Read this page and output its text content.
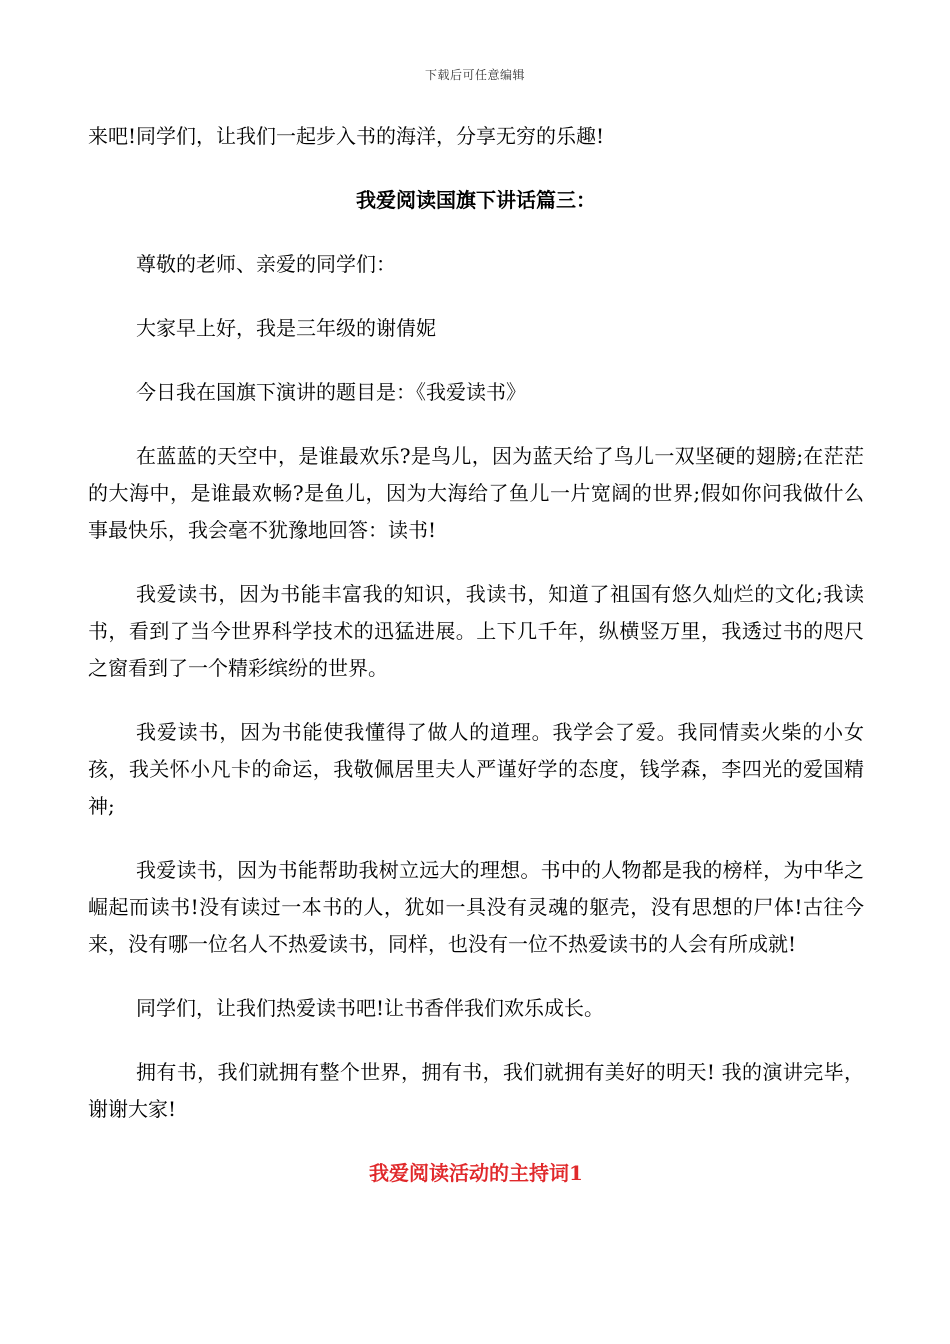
下载后可任意编辑

来吧!同学们，让我们一起步入书的海洋，分享无穷的乐趣!

我爱阅读国旗下讲话篇三：

尊敬的老师、亲爱的同学们：

大家早上好，我是三年级的谢倩妮

今日我在国旗下演讲的题目是：《我爱读书》

在蓝蓝的天空中，是谁最欢乐?是鸟儿，因为蓝天给了鸟儿一双坚硬的翅膀;在茫茫的大海中，是谁最欢畅?是鱼儿，因为大海给了鱼儿一片宽阔的世界;假如你问我做什么事最快乐，我会毫不犹豫地回答：读书!

我爱读书，因为书能丰富我的知识，我读书，知道了祖国有悠久灿烂的文化;我读书，看到了当今世界科学技术的迅猛进展。上下几千年，纵横竖万里，我透过书的咫尺之窗看到了一个精彩缤纷的世界。

我爱读书，因为书能使我懂得了做人的道理。我学会了爱。我同情卖火柴的小女孩，我关怀小凡卡的命运，我敬佩居里夫人严谨好学的态度，钱学森，李四光的爱国精神;

我爱读书，因为书能帮助我树立远大的理想。书中的人物都是我的榜样，为中华之崛起而读书!没有读过一本书的人，犹如一具没有灵魂的躯壳，没有思想的尸体!古往今来，没有哪一位名人不热爱读书，同样，也没有一位不热爱读书的人会有所成就!

同学们，让我们热爱读书吧!让书香伴我们欢乐成长。

拥有书，我们就拥有整个世界，拥有书，我们就拥有美好的明天! 我的演讲完毕，谢谢大家!

我爱阅读活动的主持词1
